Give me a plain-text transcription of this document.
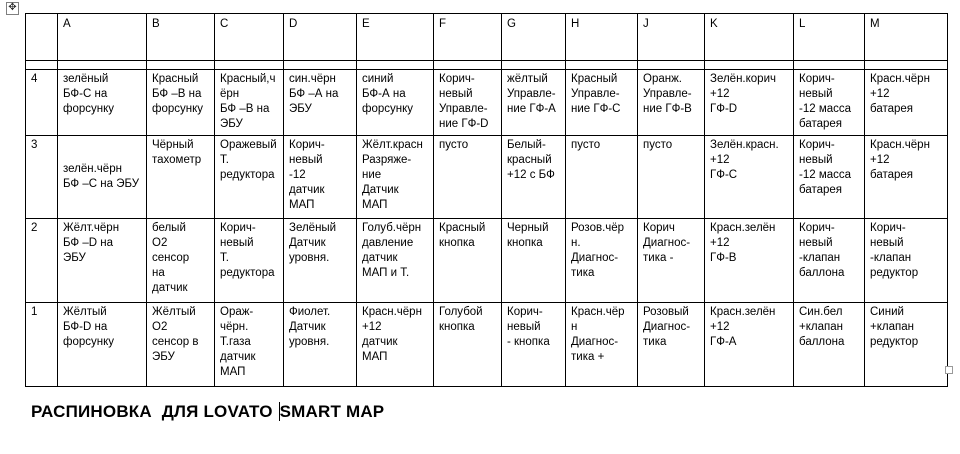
✥
	A	B	C	D	E	F	G	H	J	K	L	M

4	зелёный
БФ-С на
форсунку	Красный
БФ –В на
форсунку	Красный,ч
ёрн
БФ –В на
ЭБУ	син.чёрн
БФ –А на
ЭБУ	синий
БФ-А на
форсунку	Корич-
невый
Управле-
ние ГФ-D	жёлтый
Управле-
ние ГФ-А	Красный
Управле-
ние ГФ-С	Оранж.
Управле-
ние ГФ-В	Зелён.корич
+12
ГФ-D	Корич-
невый
-12 масса
батарея	Красн.чёрн
+12
батарея
3	зелён.чёрн
БФ –С на ЭБУ	Чёрный
тахометр	Оражевый
Т.
редуктора	Корич-
невый
-12
датчик
МАП	Жёлт.красн
Разряже-
ние
Датчик
МАП	пусто	Белый-
красный
+12 с БФ	пусто	пусто	Зелён.красн.
+12
ГФ-С	Корич-
невый
-12 масса
батарея	Красн.чёрн
+12
батарея
2	Жёлт.чёрн
БФ –D на
ЭБУ	белый
О2
сенсор
на
датчик	Корич-
невый
Т.
редуктора	Зелёный
Датчик
уровня.	Голуб.чёрн
давление
датчик
МАП и Т.	Красный
кнопка	Черный
кнопка	Розов.чёр
н.
Диагнос-
тика	Корич
Диагнос-
тика -	Красн.зелён
+12
ГФ-В	Корич-
невый
-клапан
баллона	Корич-
невый
-клапан
редуктор
1	Жёлтый
БФ-D на
форсунку	Жёлтый
О2
сенсор в
ЭБУ	Ораж-
чёрн.
Т.газа
датчик
МАП	Фиолет.
Датчик
уровня.	Красн.чёрн
+12
датчик
МАП	Голубой
кнопка	Корич-
невый
- кнопка	Красн.чёр
н
Диагнос-
тика +	Розовый
Диагнос-
тика	Красн.зелён
+12
ГФ-А	Син.бел
+клапан
баллона	Синий
+клапан
редуктор
РАСПИНОВКА  ДЛЯ LOVATO SMART MAP
